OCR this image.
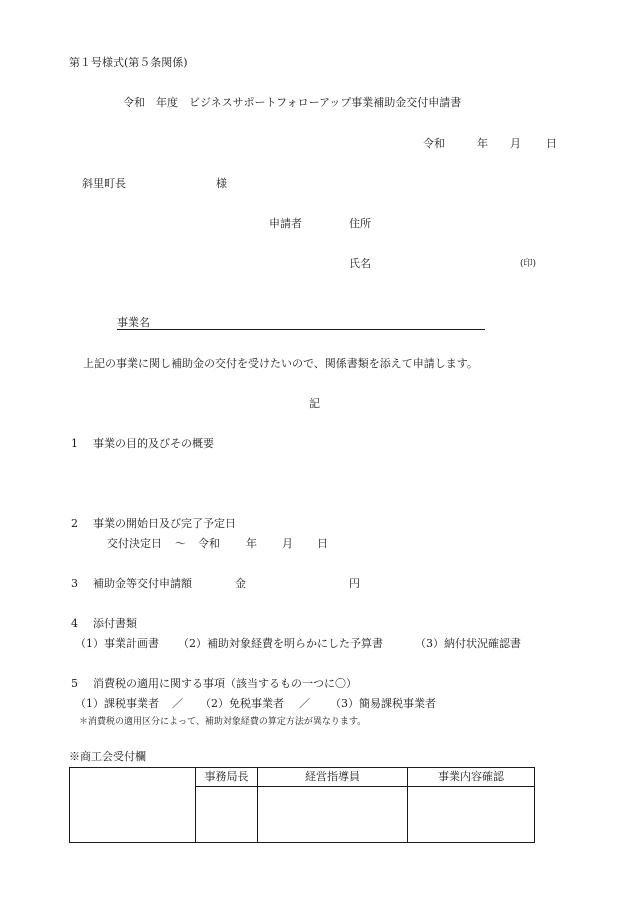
第１号様式(第５条関係)
令和　年度　ビジネスサポートフォローアップ事業補助金交付申請書
令和	年 月 日
斜里町長	様
申請者	住所
氏名	(印)
事業名
上記の事業に関し補助金の交付を受けたいので、関係書類を添えて申請します。
記
1 事業の目的及びその概要
2 事業の開始日及び完了予定日
交付決定日 〜 令和 年 月 日
3 補助金等交付申請額	金	円
4 添付書類
（1）事業計画書 （2）補助対象経費を明らかにした予算書	（3）納付状況確認書
5 消費税の適用に関する事項（該当するもの一つに〇）
（1）課税事業者 ／ （2）免税事業者 ／ （3）簡易課税事業者
＊消費税の適用区分によって、補助対象経費の算定方法が異なります。
※商工会受付欄
	事務局長	経営指導員	事業内容確認
